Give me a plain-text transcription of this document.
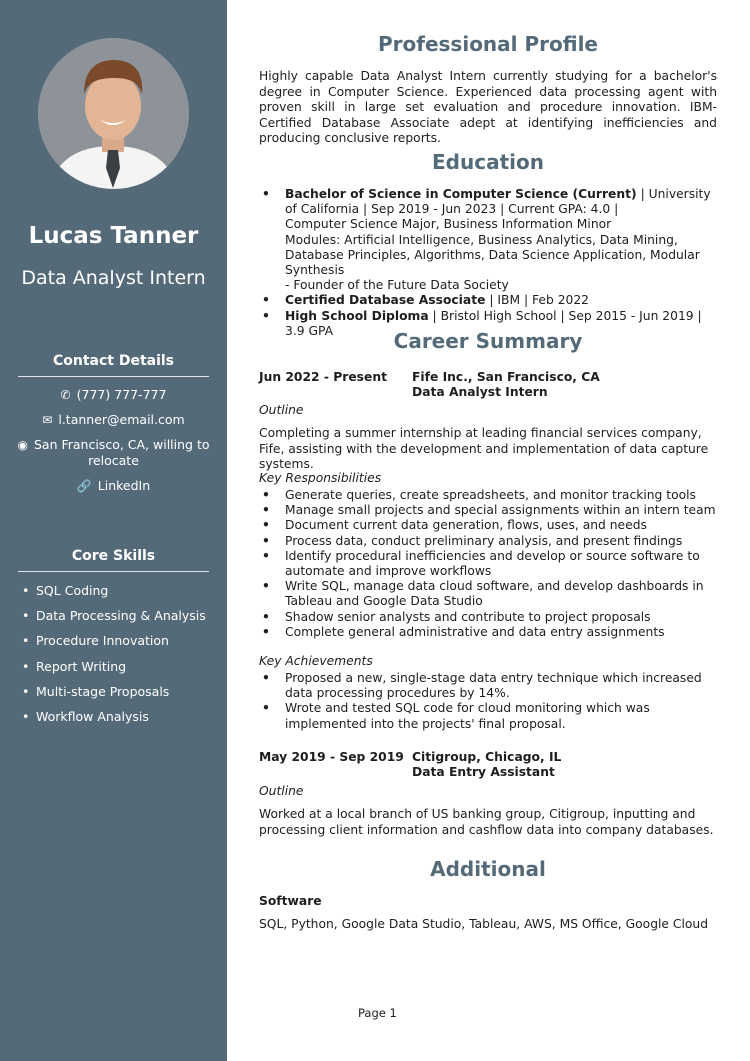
Lucas Tanner
Data Analyst Intern
Contact Details
✆ (777) 777-777
✉ l.tanner@email.com
◉ San Francisco, CA, willing to relocate
🔗 LinkedIn
Core Skills
• SQL Coding
• Data Processing & Analysis
• Procedure Innovation
• Report Writing
• Multi-stage Proposals
• Workflow Analysis
Professional Profile
Highly capable Data Analyst Intern currently studying for a bachelor's degree in Computer Science. Experienced data processing agent with proven skill in large set evaluation and procedure innovation. IBM-Certified Database Associate adept at identifying inefficiencies and producing conclusive reports.
Education
• Bachelor of Science in Computer Science (Current) | University of California | Sep 2019 - Jun 2023 | Current GPA: 4.0 |
Computer Science Major, Business Information Minor
Modules: Artificial Intelligence, Business Analytics, Data Mining, Database Principles, Algorithms, Data Science Application, Modular Synthesis
- Founder of the Future Data Society
• Certified Database Associate | IBM | Feb 2022
• High School Diploma | Bristol High School | Sep 2015 - Jun 2019 | 3.9 GPA	Career Summary
Jun 2022 - Present Fife Inc., San Francisco, CA
Data Analyst Intern
Outline
Completing a summer internship at leading financial services company, Fife, assisting with the development and implementation of data capture systems.
Key Responsibilities
• Generate queries, create spreadsheets, and monitor tracking tools
• Manage small projects and special assignments within an intern team
• Document current data generation, flows, uses, and needs
• Process data, conduct preliminary analysis, and present findings
• Identify procedural inefficiencies and develop or source software to automate and improve workflows
• Write SQL, manage data cloud software, and develop dashboards in Tableau and Google Data Studio
• Shadow senior analysts and contribute to project proposals
• Complete general administrative and data entry assignments
Key Achievements
• Proposed a new, single-stage data entry technique which increased data processing procedures by 14%.
• Wrote and tested SQL code for cloud monitoring which was implemented into the projects' final proposal.
May 2019 - Sep 2019 Citigroup, Chicago, IL
Data Entry Assistant
Outline
Worked at a local branch of US banking group, Citigroup, inputting and processing client information and cashflow data into company databases.
Additional
Software
SQL, Python, Google Data Studio, Tableau, AWS, MS Office, Google Cloud
Page 1
